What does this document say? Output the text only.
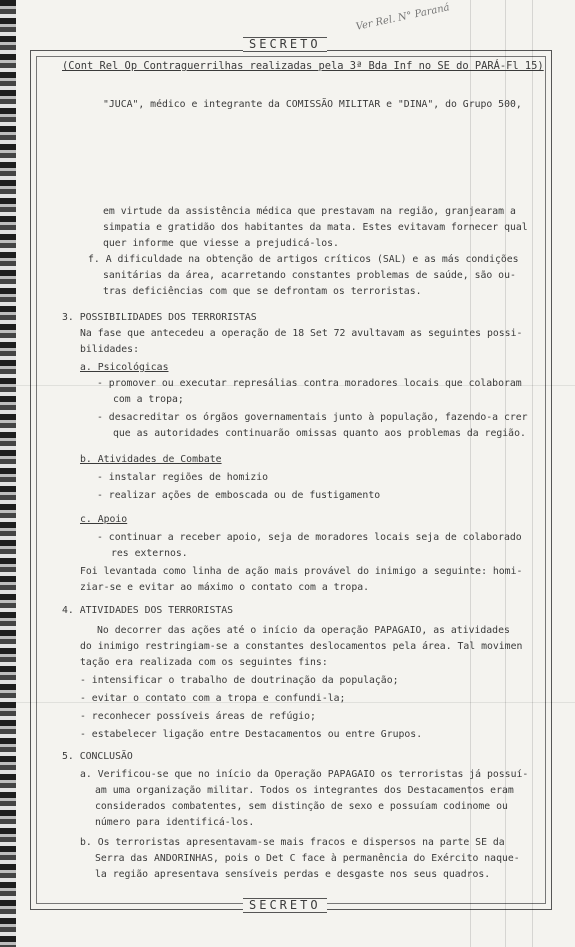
SECRETO
Ver Rel. N° Paraná
(Cont Rel Op Contraguerrilhas realizadas pela 3ª Bda Inf no SE do PARÁ-Fl 15)
"JUCA", médico e integrante da COMISSÃO MILITAR e "DINA", do Grupo 500,
em virtude da assistência médica que prestavam na região, granjearam a
simpatia e gratidão dos habitantes da mata. Estes evitavam fornecer qual
quer informe que viesse a prejudicá-los.
f. A dificuldade na obtenção de artigos críticos (SAL) e as más condições
sanitárias da área, acarretando constantes problemas de saúde, são ou-
tras deficiências com que se defrontam os terroristas.
3. POSSIBILIDADES DOS TERRORISTAS
Na fase que antecedeu a operação de 18 Set 72 avultavam as seguintes possi-
bilidades:
a. Psicológicas
- promover ou executar represálias contra moradores locais que colaboram
com a tropa;
- desacreditar os órgãos governamentais junto à população, fazendo-a crer
que as autoridades continuarão omissas quanto aos problemas da região.
b. Atividades de Combate
- instalar regiões de homizio
- realizar ações de emboscada ou de fustigamento
c. Apoio
- continuar a receber apoio, seja de moradores locais seja de colaborado
res externos.
Foi levantada como linha de ação mais provável do inimigo a seguinte: homi-
ziar-se e evitar ao máximo o contato com a tropa.
4. ATIVIDADES DOS TERRORISTAS
No decorrer das ações até o início da operação PAPAGAIO, as atividades
do inimigo restringiam-se a constantes deslocamentos pela área. Tal movimen
tação era realizada com os seguintes fins:
- intensificar o trabalho de doutrinação da população;
- evitar o contato com a tropa e confundi-la;
- reconhecer possíveis áreas de refúgio;
- estabelecer ligação entre Destacamentos ou entre Grupos.
5. CONCLUSÃO
a. Verificou-se que no início da Operação PAPAGAIO os terroristas já possuí-
am uma organização militar. Todos os integrantes dos Destacamentos eram
considerados combatentes, sem distinção de sexo e possuíam codinome ou
número para identificá-los.
b. Os terroristas apresentavam-se mais fracos e dispersos na parte SE da
Serra das ANDORINHAS, pois o Det C face à permanência do Exército naque-
la região apresentava sensíveis perdas e desgaste nos seus quadros.
SECRETO
